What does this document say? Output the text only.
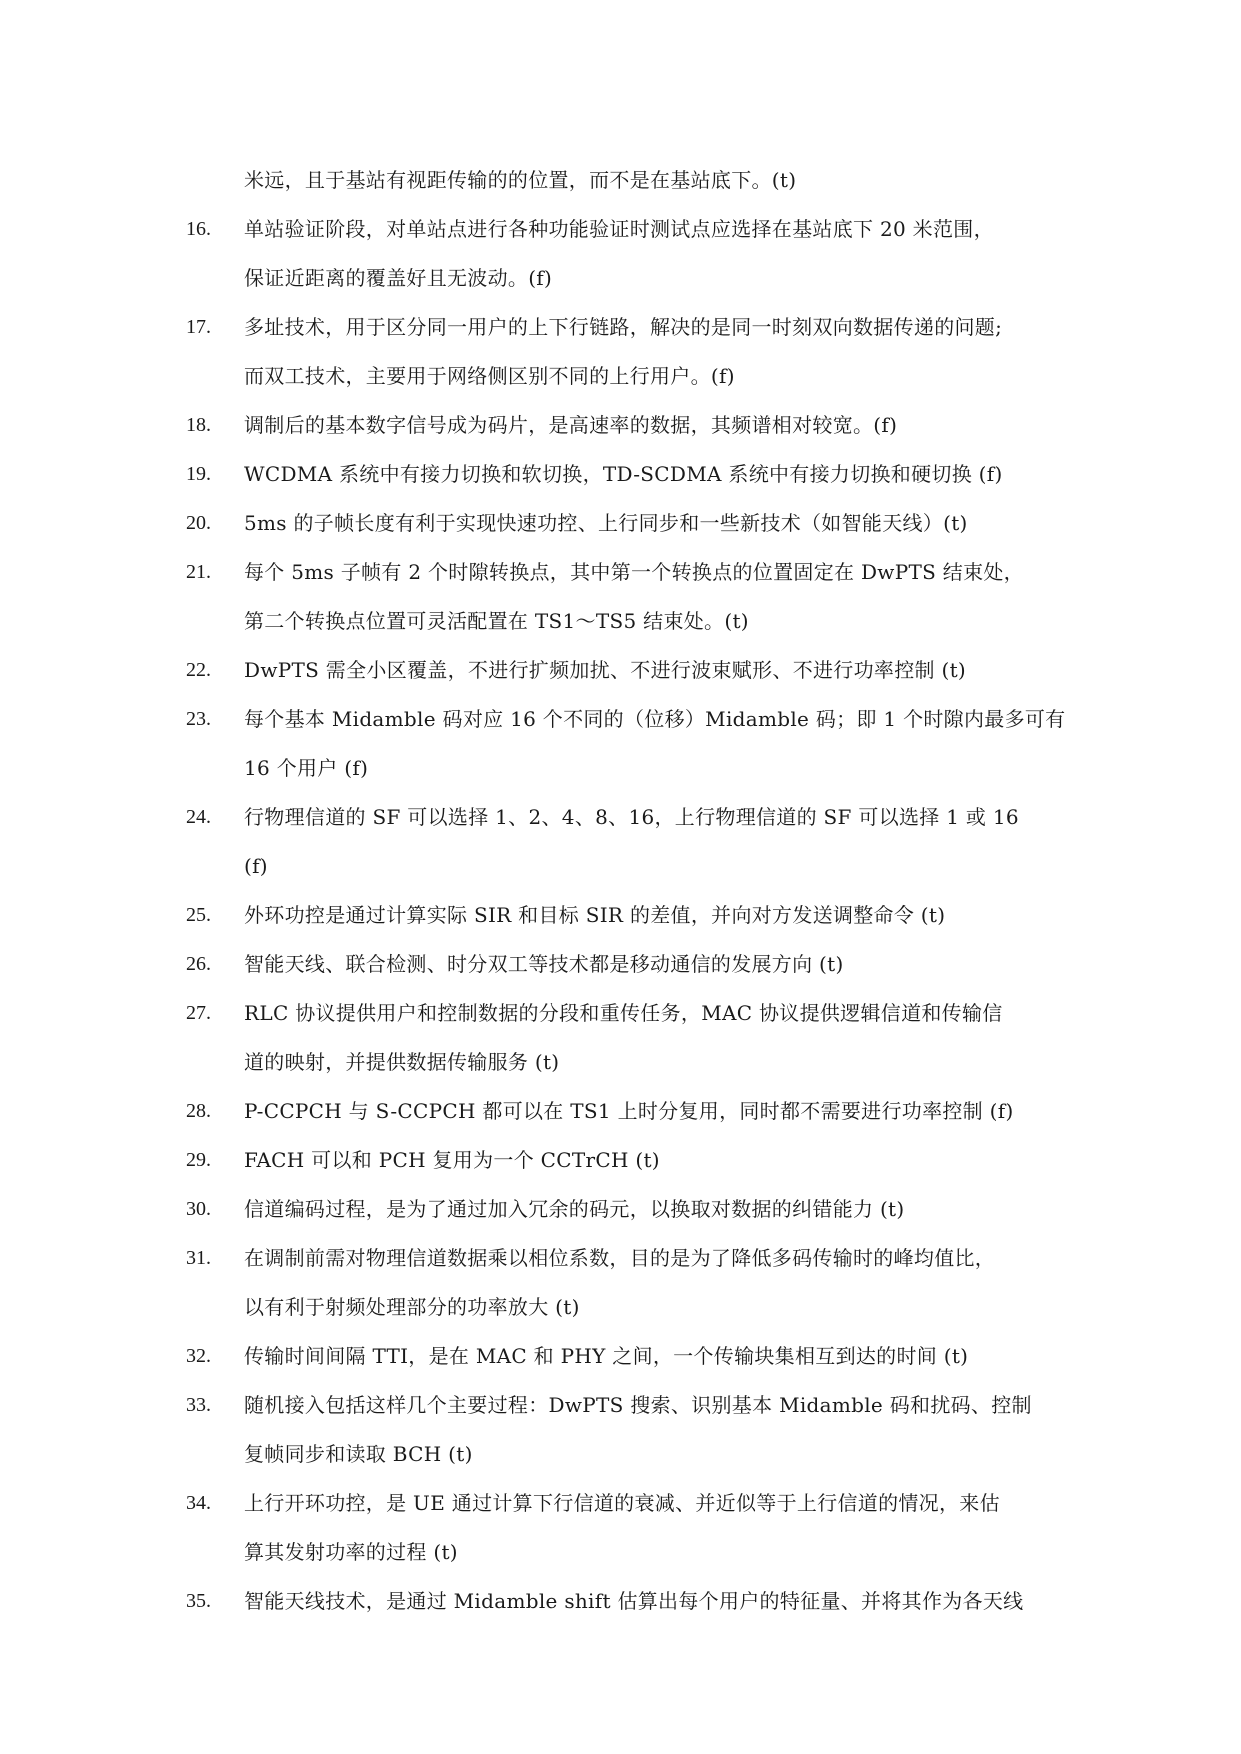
米远，且于基站有视距传输的的位置，而不是在基站底下。(t)
16.	单站验证阶段，对单站点进行各种功能验证时测试点应选择在基站底下 20 米范围，
保证近距离的覆盖好且无波动。(f)
17.	多址技术，用于区分同一用户的上下行链路，解决的是同一时刻双向数据传递的问题;
而双工技术，主要用于网络侧区别不同的上行用户。(f)
18.	调制后的基本数字信号成为码片，是高速率的数据，其频谱相对较宽。(f)
19.	WCDMA 系统中有接力切换和软切换，TD-SCDMA 系统中有接力切换和硬切换 (f)
20.	5ms 的子帧长度有利于实现快速功控、上行同步和一些新技术（如智能天线）(t)
21.	每个 5ms 子帧有 2 个时隙转换点，其中第一个转换点的位置固定在 DwPTS 结束处，
第二个转换点位置可灵活配置在 TS1～TS5 结束处。(t)
22.	DwPTS 需全小区覆盖，不进行扩频加扰、不进行波束赋形、不进行功率控制 (t)
23.	每个基本 Midamble 码对应 16 个不同的（位移）Midamble 码；即 1 个时隙内最多可有
16 个用户 (f)
24.	行物理信道的 SF 可以选择 1、2、4、8、16，上行物理信道的 SF 可以选择 1 或 16
(f)
25.	外环功控是通过计算实际 SIR 和目标 SIR 的差值，并向对方发送调整命令 (t)
26.	智能天线、联合检测、时分双工等技术都是移动通信的发展方向 (t)
27.	RLC 协议提供用户和控制数据的分段和重传任务，MAC 协议提供逻辑信道和传输信
道的映射，并提供数据传输服务 (t)
28.	P-CCPCH 与 S-CCPCH 都可以在 TS1 上时分复用，同时都不需要进行功率控制 (f)
29.	FACH 可以和 PCH 复用为一个 CCTrCH (t)
30.	信道编码过程，是为了通过加入冗余的码元，以换取对数据的纠错能力 (t)
31.	在调制前需对物理信道数据乘以相位系数，目的是为了降低多码传输时的峰均值比，
以有利于射频处理部分的功率放大 (t)
32.	传输时间间隔 TTI，是在 MAC 和 PHY 之间，一个传输块集相互到达的时间 (t)
33.	随机接入包括这样几个主要过程：DwPTS 搜索、识别基本 Midamble 码和扰码、控制
复帧同步和读取 BCH (t)
34.	上行开环功控，是 UE 通过计算下行信道的衰减、并近似等于上行信道的情况，来估
算其发射功率的过程 (t)
35.	智能天线技术，是通过 Midamble shift 估算出每个用户的特征量、并将其作为各天线
